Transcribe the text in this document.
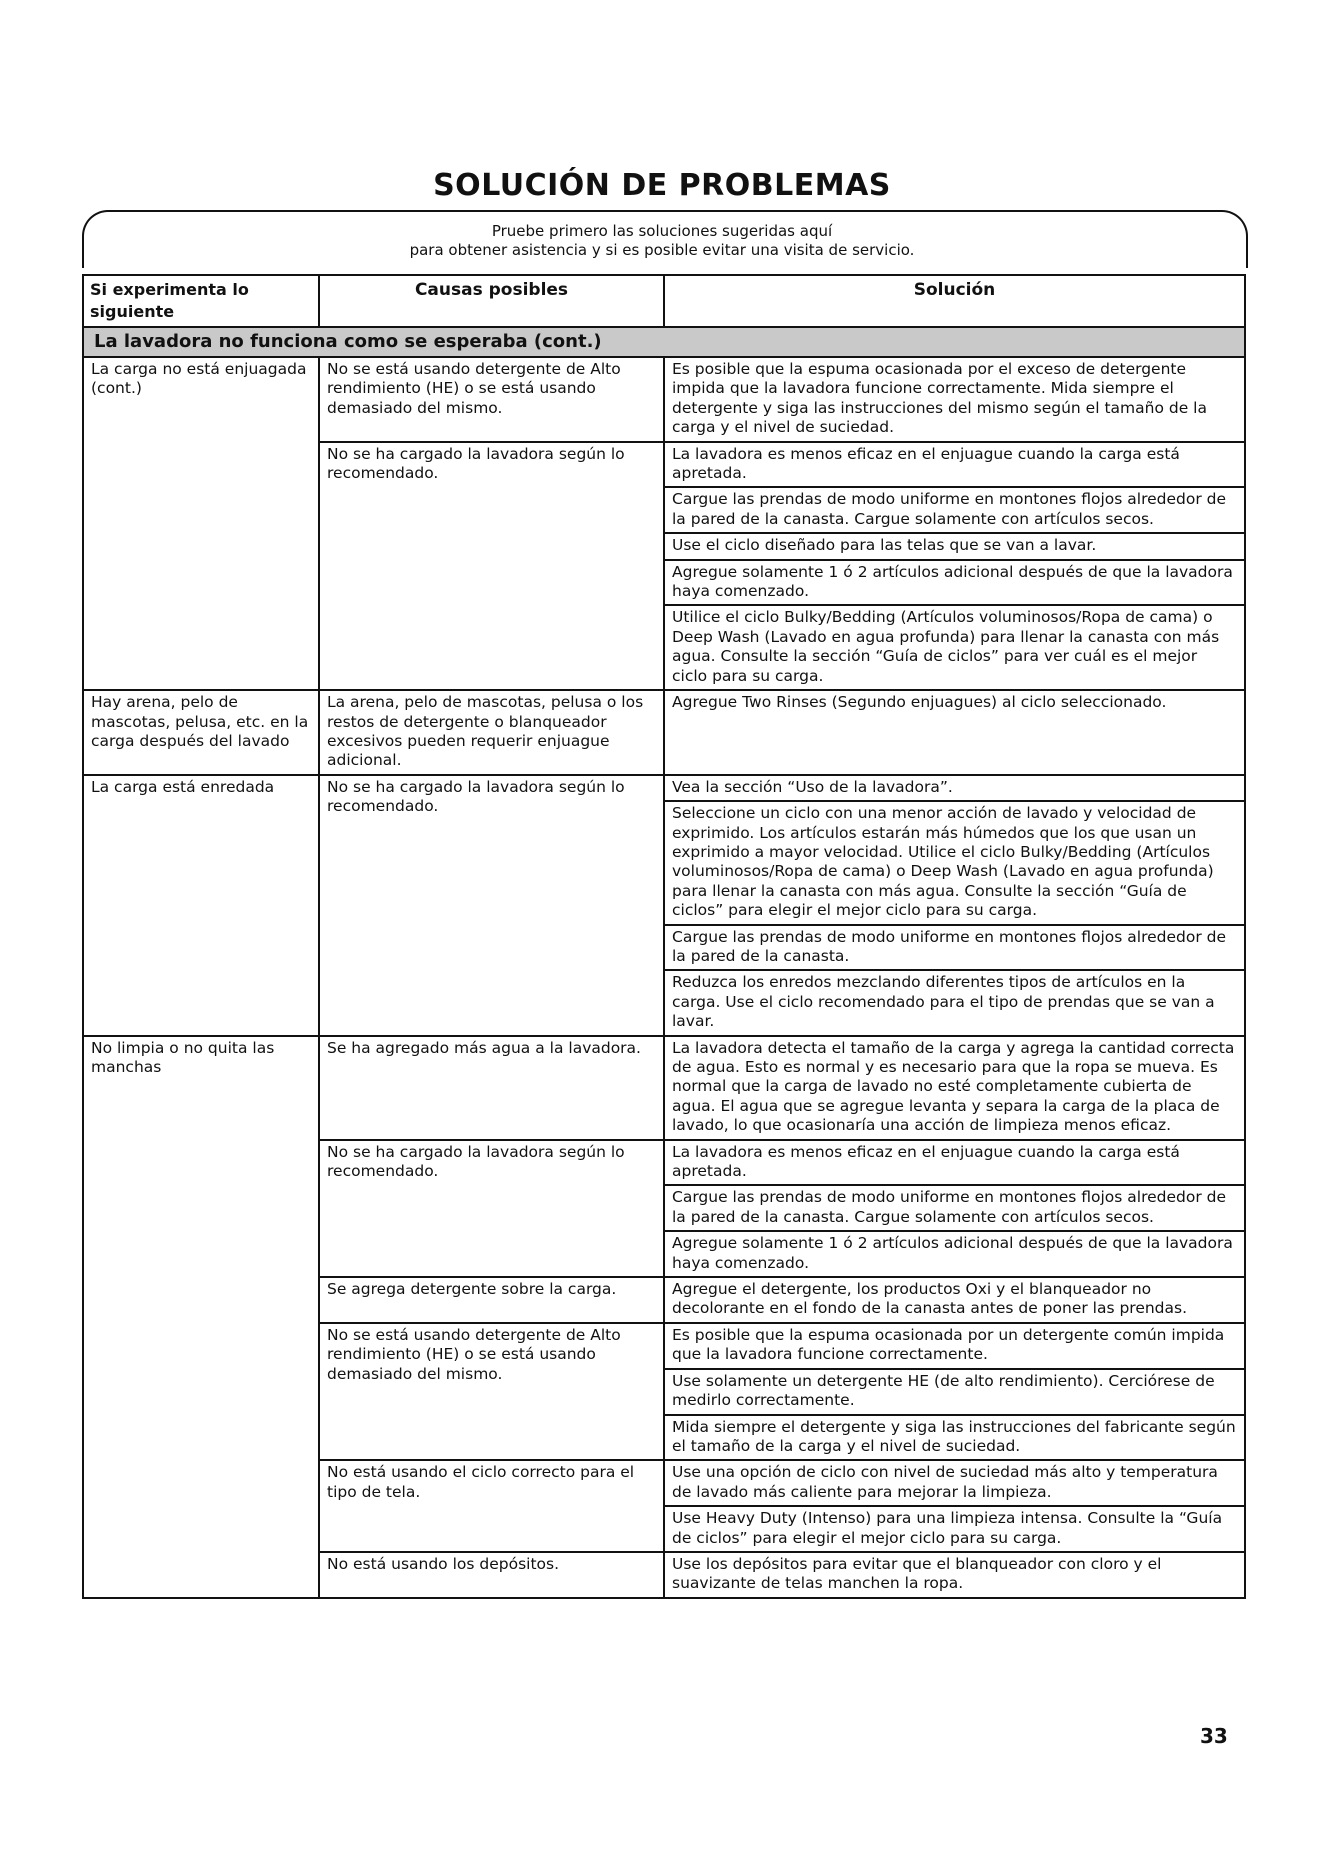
SOLUCIÓN DE PROBLEMAS
Pruebe primero las soluciones sugeridas aquí
para obtener asistencia y si es posible evitar una visita de servicio.
Si experimenta lo siguiente	Causas posibles	Solución
La lavadora no funciona como se esperaba (cont.)		
La carga no está enjuagada (cont.)	No se está usando detergente de Alto rendimiento (HE) o se está usando demasiado del mismo.	Es posible que la espuma ocasionada por el exceso de detergente impida que la lavadora funcione correctamente. Mida siempre el detergente y siga las instrucciones del mismo según el tamaño de la carga y el nivel de suciedad.
	No se ha cargado la lavadora según lo recomendado.	La lavadora es menos eficaz en el enjuague cuando la carga está apretada.
		Cargue las prendas de modo uniforme en montones flojos alrededor de la pared de la canasta. Cargue solamente con artículos secos.
		Use el ciclo diseñado para las telas que se van a lavar.
		Agregue solamente 1 ó 2 artículos adicional después de que la lavadora haya comenzado.
		Utilice el ciclo Bulky/Bedding (Artículos voluminosos/Ropa de cama) o Deep Wash (Lavado en agua profunda) para llenar la canasta con más agua. Consulte la sección “Guía de ciclos” para ver cuál es el mejor ciclo para su carga.
Hay arena, pelo de mascotas, pelusa, etc. en la carga después del lavado	La arena, pelo de mascotas, pelusa o los restos de detergente o blanqueador excesivos pueden requerir enjuague adicional.	Agregue Two Rinses (Segundo enjuagues) al ciclo seleccionado.
La carga está enredada	No se ha cargado la lavadora según lo recomendado.	Vea la sección “Uso de la lavadora”.
		Seleccione un ciclo con una menor acción de lavado y velocidad de exprimido. Los artículos estarán más húmedos que los que usan un exprimido a mayor velocidad. Utilice el ciclo Bulky/Bedding (Artículos voluminosos/Ropa de cama) o Deep Wash (Lavado en agua profunda) para llenar la canasta con más agua. Consulte la sección “Guía de ciclos” para elegir el mejor ciclo para su carga.
		Cargue las prendas de modo uniforme en montones flojos alrededor de la pared de la canasta.
		Reduzca los enredos mezclando diferentes tipos de artículos en la carga. Use el ciclo recomendado para el tipo de prendas que se van a lavar.
No limpia o no quita las manchas	Se ha agregado más agua a la lavadora.	La lavadora detecta el tamaño de la carga y agrega la cantidad correcta de agua. Esto es normal y es necesario para que la ropa se mueva. Es normal que la carga de lavado no esté completamente cubierta de agua. El agua que se agregue levanta y separa la carga de la placa de lavado, lo que ocasionaría una acción de limpieza menos eficaz.
	No se ha cargado la lavadora según lo recomendado.	La lavadora es menos eficaz en el enjuague cuando la carga está apretada.
		Cargue las prendas de modo uniforme en montones flojos alrededor de la pared de la canasta. Cargue solamente con artículos secos.
		Agregue solamente 1 ó 2 artículos adicional después de que la lavadora haya comenzado.
	Se agrega detergente sobre la carga.	Agregue el detergente, los productos Oxi y el blanqueador no decolorante en el fondo de la canasta antes de poner las prendas.
	No se está usando detergente de Alto rendimiento (HE) o se está usando demasiado del mismo.	Es posible que la espuma ocasionada por un detergente común impida que la lavadora funcione correctamente.
		Use solamente un detergente HE (de alto rendimiento). Cerciórese de medirlo correctamente.
		Mida siempre el detergente y siga las instrucciones del fabricante según el tamaño de la carga y el nivel de suciedad.
	No está usando el ciclo correcto para el tipo de tela.	Use una opción de ciclo con nivel de suciedad más alto y temperatura de lavado más caliente para mejorar la limpieza.
		Use Heavy Duty (Intenso) para una limpieza intensa. Consulte la “Guía de ciclos” para elegir el mejor ciclo para su carga.
	No está usando los depósitos.	Use los depósitos para evitar que el blanqueador con cloro y el suavizante de telas manchen la ropa.
33
